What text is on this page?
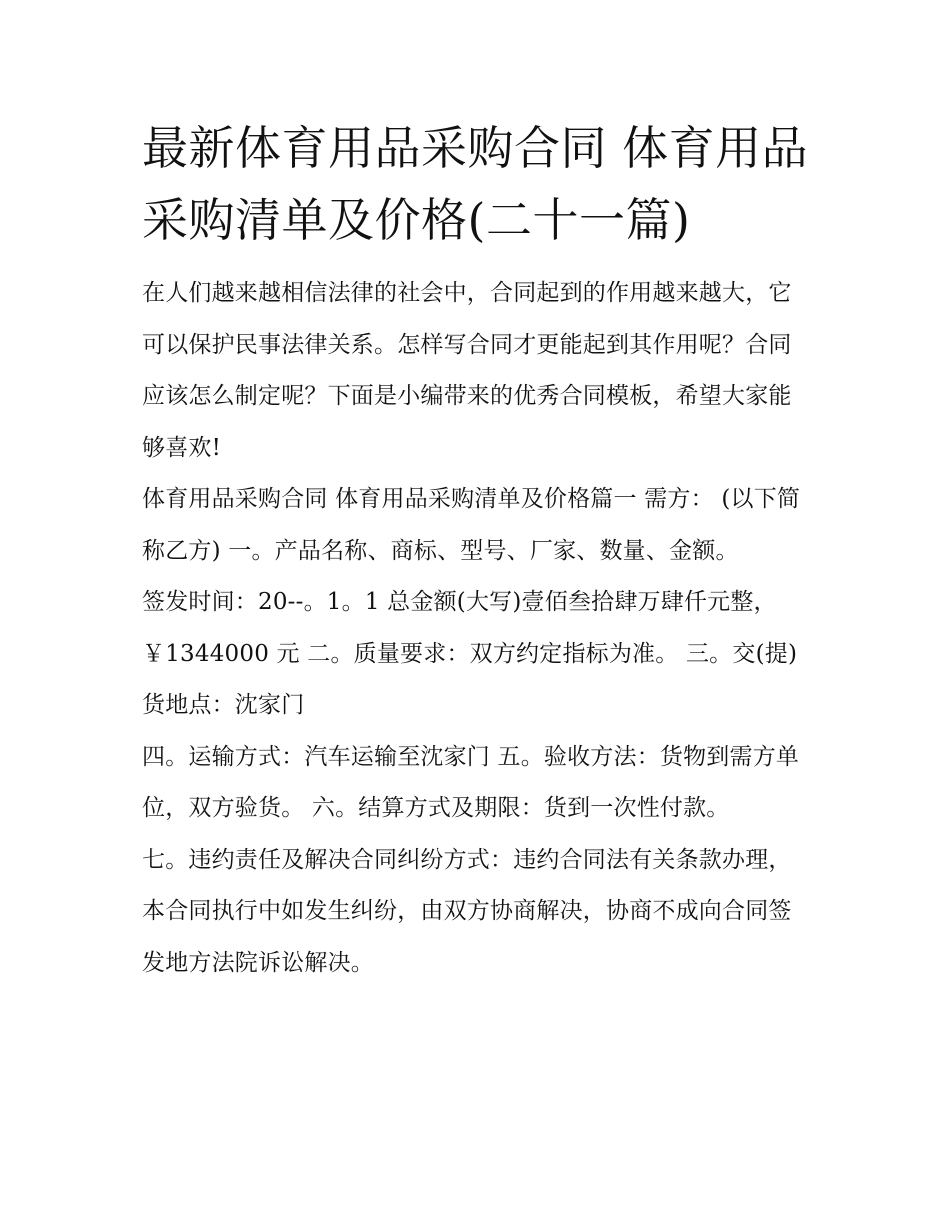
最新体育用品采购合同 体育用品采购清单及价格(二十一篇)

在人们越来越相信法律的社会中，合同起到的作用越来越大，它可以保护民事法律关系。怎样写合同才更能起到其作用呢？合同应该怎么制定呢？下面是小编带来的优秀合同模板，希望大家能够喜欢!

体育用品采购合同 体育用品采购清单及价格篇一 需方： (以下简称乙方) 一。产品名称、商标、型号、厂家、数量、金额。

签发时间：20--。1。1 总金额(大写)壹佰叁拾肆万肆仟元整，￥1344000 元 二。质量要求：双方约定指标为准。 三。交(提)货地点：沈家门

四。运输方式：汽车运输至沈家门 五。验收方法：货物到需方单位，双方验货。 六。结算方式及期限：货到一次性付款。

七。违约责任及解决合同纠纷方式：违约合同法有关条款办理，本合同执行中如发生纠纷，由双方协商解决，协商不成向合同签发地方法院诉讼解决。
